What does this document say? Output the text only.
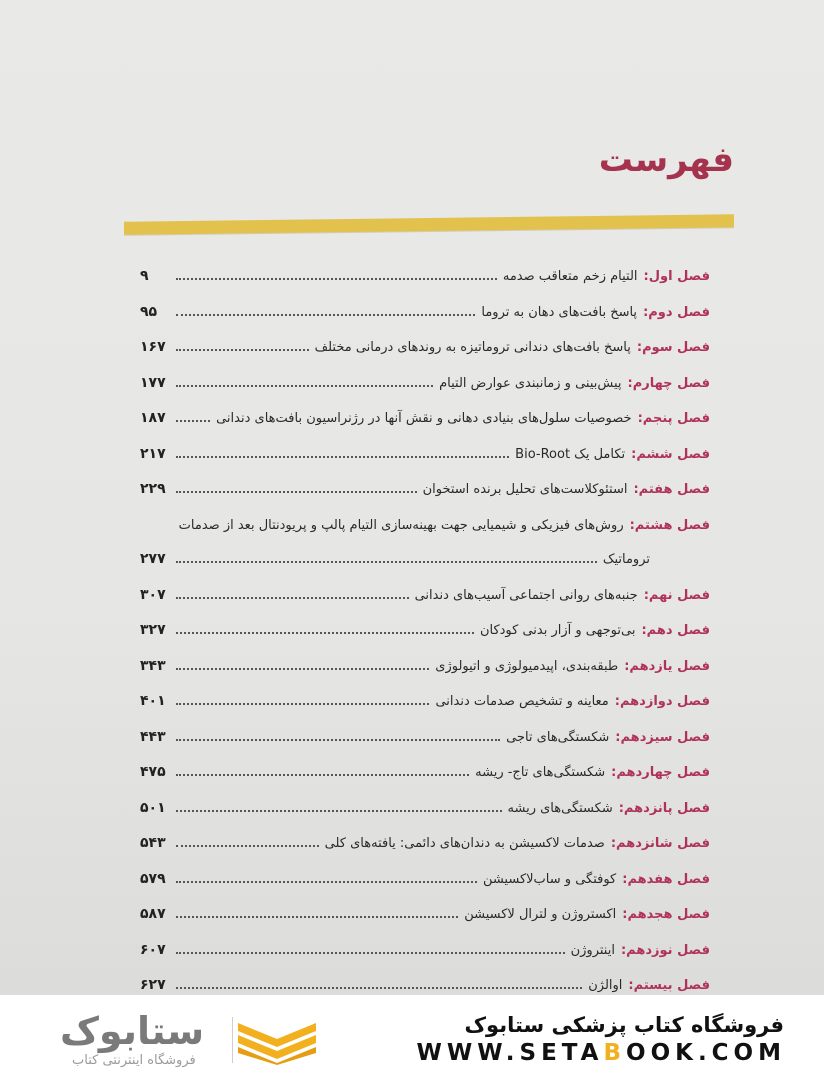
فهرست
فصل اول:
التیام زخم متعاقب صدمه
۹
فصل دوم:
پاسخ بافت‌های دهان به تروما
۹۵
فصل سوم:
پاسخ بافت‌های دندانی تروماتیزه به روندهای درمانی مختلف
۱۶۷
فصل چهارم:
پیش‌بینی و زمانبندی عوارض التیام
۱۷۷
فصل پنجم:
خصوصیات سلول‌های بنیادی دهانی و نقش آنها در رژنراسیون بافت‌های دندانی
۱۸۷
فصل ششم:
تکامل یک Bio-Root
۲۱۷
فصل هفتم:
استئوکلاست‌های تحلیل برنده استخوان
۲۲۹
فصل هشتم:
روش‌های فیزیکی و شیمیایی جهت بهینه‌سازی التیام پالپ و پریودنتال بعد از صدمات
تروماتیک
۲۷۷
فصل نهم:
جنبه‌های روانی اجتماعی آسیب‌های دندانی
۳۰۷
فصل دهم:
بی‌توجهی و آزار بدنی کودکان
۳۲۷
فصل یازدهم:
طبقه‌بندی، اپیدمیولوژی و اتیولوژی
۳۴۳
فصل دوازدهم:
معاینه و تشخیص صدمات دندانی
۴۰۱
فصل سیزدهم:
شکستگی‌های تاجی
۴۴۳
فصل چهاردهم:
شکستگی‌های تاج- ریشه
۴۷۵
فصل پانزدهم:
شکستگی‌های ریشه
۵۰۱
فصل شانزدهم:
صدمات لاکسیشن به دندان‌های دائمی: یافته‌های کلی
۵۴۳
فصل هفدهم:
کوفتگی و ساب‌لاکسیشن
۵۷۹
فصل هجدهم:
اکستروژن و لترال لاکسیشن
۵۸۷
فصل نوزدهم:
اینتروژن
۶۰۷
فصل بیستم:
اوالژن
۶۲۷
ستابوک
فروشگاه اینترنتی کتاب
فروشگاه کتاب پزشکی ستابوک
WWW.SETABOOK.COM
